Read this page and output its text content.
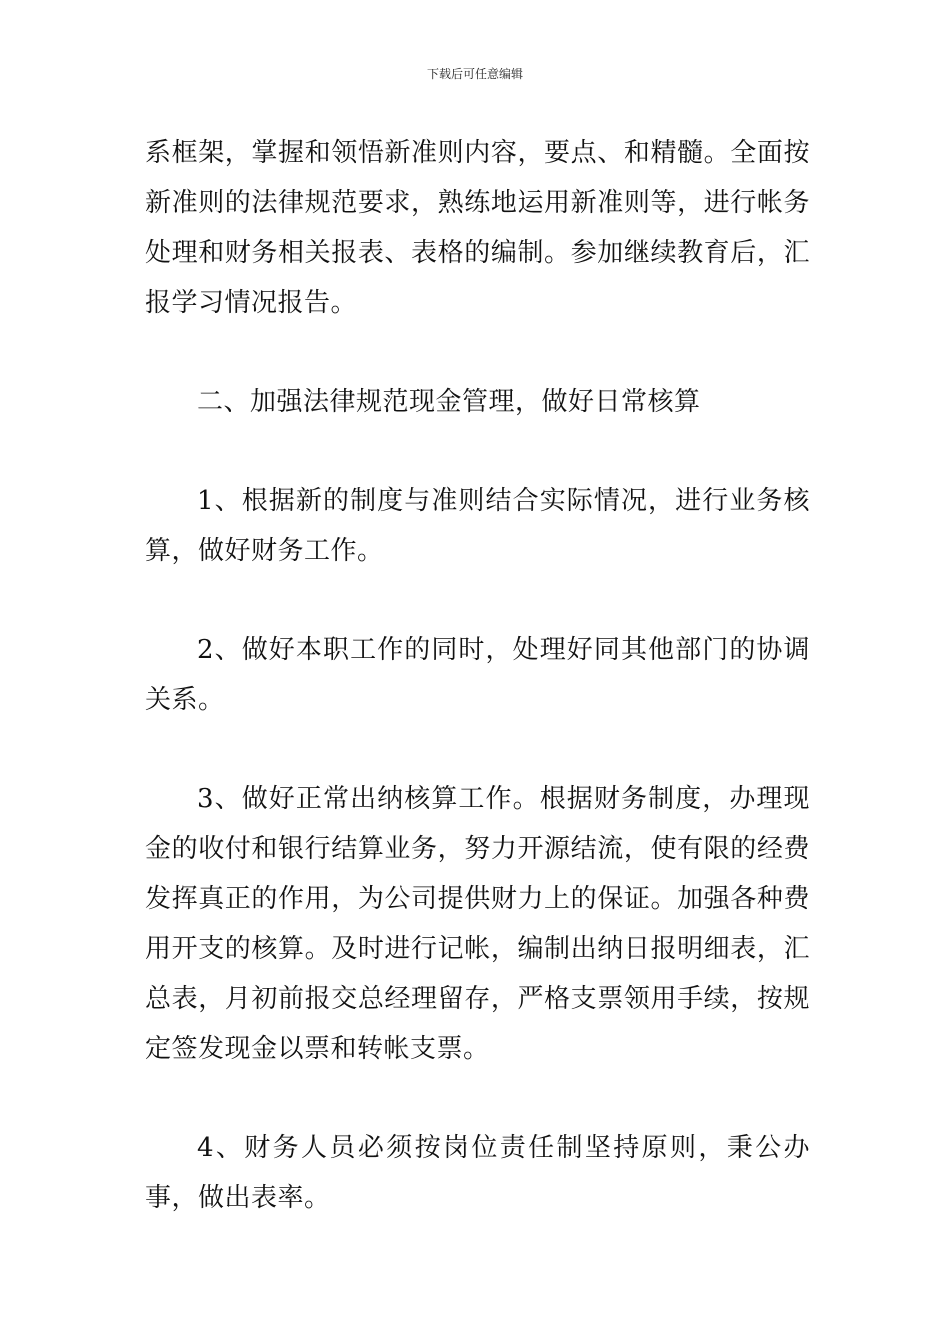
下载后可任意编辑

系框架，掌握和领悟新准则内容，要点、和精髓。全面按新准则的法律规范要求，熟练地运用新准则等，进行帐务处理和财务相关报表、表格的编制。参加继续教育后，汇报学习情况报告。

二、加强法律规范现金管理，做好日常核算

1、根据新的制度与准则结合实际情况，进行业务核算，做好财务工作。

2、做好本职工作的同时，处理好同其他部门的协调关系。

3、做好正常出纳核算工作。根据财务制度，办理现金的收付和银行结算业务，努力开源结流，使有限的经费发挥真正的作用，为公司提供财力上的保证。加强各种费用开支的核算。及时进行记帐，编制出纳日报明细表，汇总表，月初前报交总经理留存，严格支票领用手续，按规定签发现金以票和转帐支票。

4、财务人员必须按岗位责任制坚持原则，秉公办事，做出表率。
